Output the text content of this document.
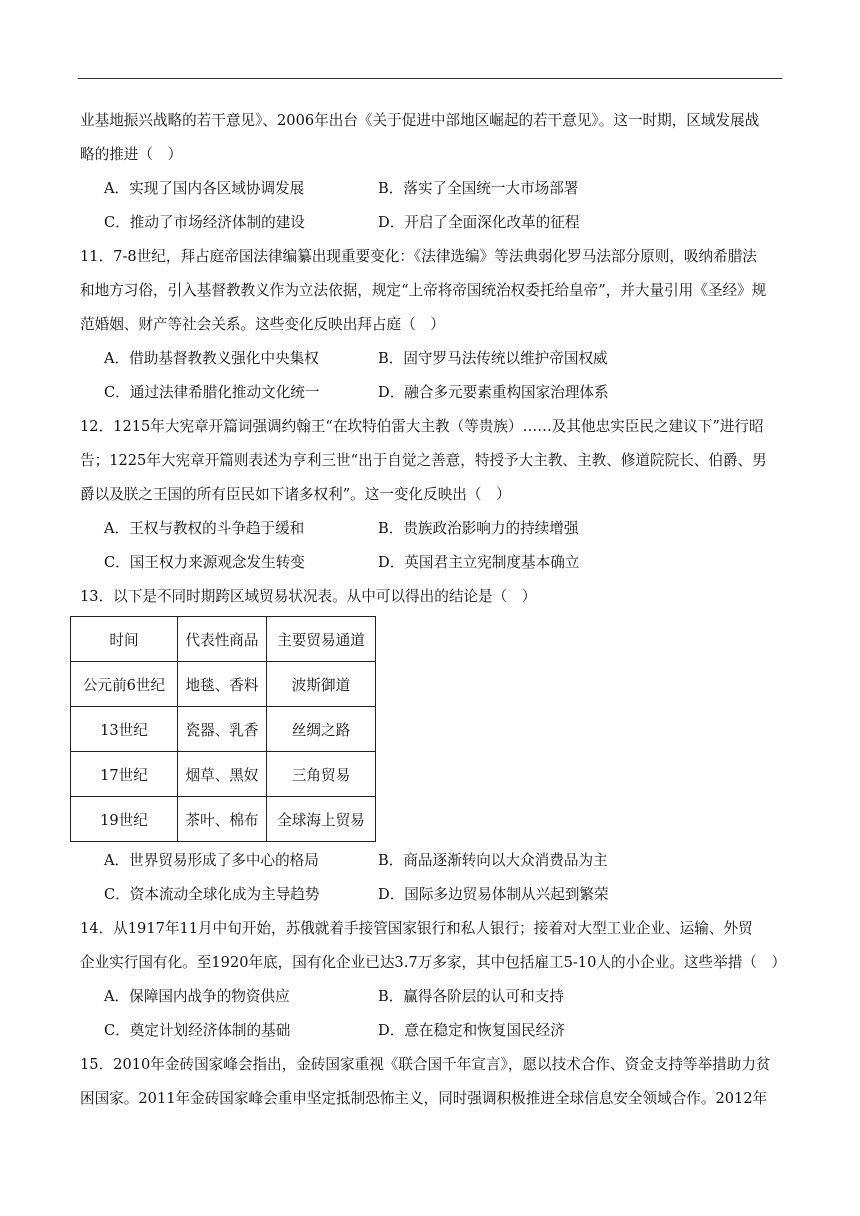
业基地振兴战略的若干意见》、2006年出台《关于促进中部地区崛起的若干意见》。这一时期，区域发展战
略的推进（　）
A．实现了国内各区域协调发展	B．落实了全国统一大市场部署
C．推动了市场经济体制的建设	D．开启了全面深化改革的征程
11．7-8世纪，拜占庭帝国法律编纂出现重要变化：《法律选编》等法典弱化罗马法部分原则，吸纳希腊法
和地方习俗，引入基督教教义作为立法依据，规定“上帝将帝国统治权委托给皇帝”，并大量引用《圣经》规
范婚姻、财产等社会关系。这些变化反映出拜占庭（　）
A．借助基督教教义强化中央集权	B．固守罗马法传统以维护帝国权威
C．通过法律希腊化推动文化统一	D．融合多元要素重构国家治理体系
12．1215年大宪章开篇词强调约翰王“在坎特伯雷大主教（等贵族）……及其他忠实臣民之建议下”进行昭
告；1225年大宪章开篇则表述为亨利三世“出于自觉之善意，特授予大主教、主教、修道院院长、伯爵、男
爵以及朕之王国的所有臣民如下诸多权利”。这一变化反映出（　）
A．王权与教权的斗争趋于缓和	B．贵族政治影响力的持续增强
C．国王权力来源观念发生转变	D．英国君主立宪制度基本确立
13．以下是不同时期跨区域贸易状况表。从中可以得出的结论是（　）
时间	代表性商品	主要贸易通道
公元前6世纪	地毯、香料	波斯御道
13世纪	瓷器、乳香	丝绸之路
17世纪	烟草、黑奴	三角贸易
19世纪	茶叶、棉布	全球海上贸易
A．世界贸易形成了多中心的格局	B．商品逐渐转向以大众消费品为主
C．资本流动全球化成为主导趋势	D．国际多边贸易体制从兴起到繁荣
14．从1917年11月中旬开始，苏俄就着手接管国家银行和私人银行；接着对大型工业企业、运输、外贸
企业实行国有化。至1920年底，国有化企业已达3.7万多家，其中包括雇工5-10人的小企业。这些举措（　）
A．保障国内战争的物资供应	B．赢得各阶层的认可和支持
C．奠定计划经济体制的基础	D．意在稳定和恢复国民经济
15．2010年金砖国家峰会指出，金砖国家重视《联合国千年宣言》，愿以技术合作、资金支持等举措助力贫
困国家。2011年金砖国家峰会重申坚定抵制恐怖主义，同时强调积极推进全球信息安全领域合作。2012年
